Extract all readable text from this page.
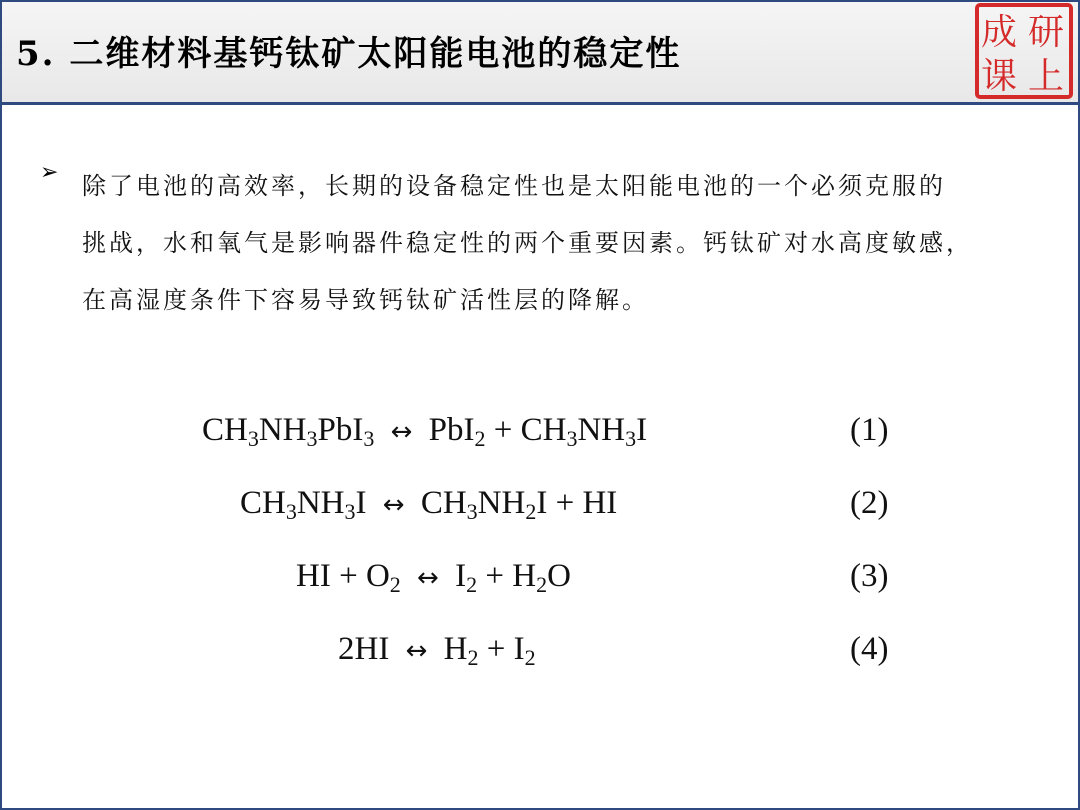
5. 二维材料基钙钛矿太阳能电池的稳定性
成 研
课 上
➢ 除了电池的高效率，长期的设备稳定性也是太阳能电池的一个必须克服的
挑战，水和氧气是影响器件稳定性的两个重要因素。钙钛矿对水高度敏感，
在高湿度条件下容易导致钙钛矿活性层的降解。
$CH_3NH_3PbI_3$ ↔ $PbI_2 + CH_3NH_3I$	(1)
$CH_3NH_3I$ ↔ $CH_3NH_2I$ + HI	(2)
HI + $O_2$ ↔ $I_2 + H_2O$	(3)
2HI ↔ $H_2 + I_2$	(4)
